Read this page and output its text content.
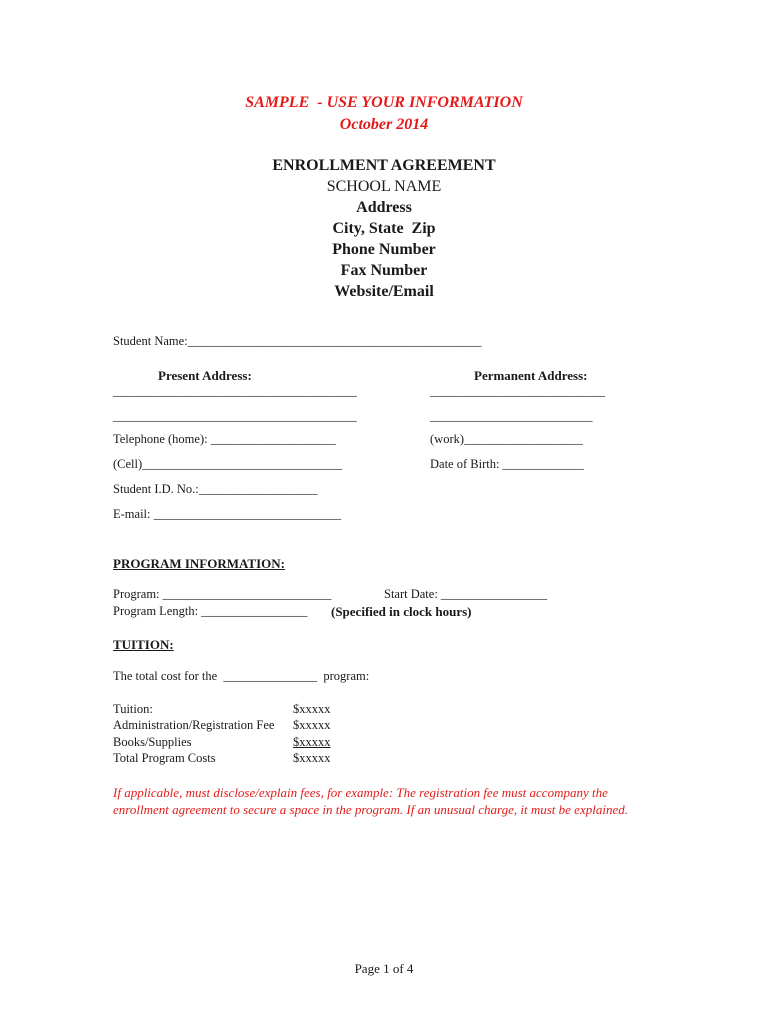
SAMPLE  - USE YOUR INFORMATION
October 2014
ENROLLMENT AGREEMENT
SCHOOL NAME
Address
City, State  Zip
Phone Number
Fax Number
Website/Email
Student Name:_______________________________________________
Present Address:	Permanent Address:
_______________________________________	____________________________
_______________________________________	__________________________
Telephone (home): ____________________	(work)___________________
(Cell)________________________________	Date of Birth: _____________
Student I.D. No.:___________________
E-mail: ______________________________
PROGRAM INFORMATION:
Program: ___________________________	Start Date: _________________
Program Length: _________________ (Specified in clock hours)
TUITION:
The total cost for the  _______________  program:
Tuition:	$xxxxx
Administration/Registration Fee $xxxxx
Books/Supplies	$xxxxx
Total Program Costs	$xxxxx
If applicable, must disclose/explain fees, for example: The registration fee must accompany the enrollment agreement to secure a space in the program. If an unusual charge, it must be explained.
Page 1 of 4
